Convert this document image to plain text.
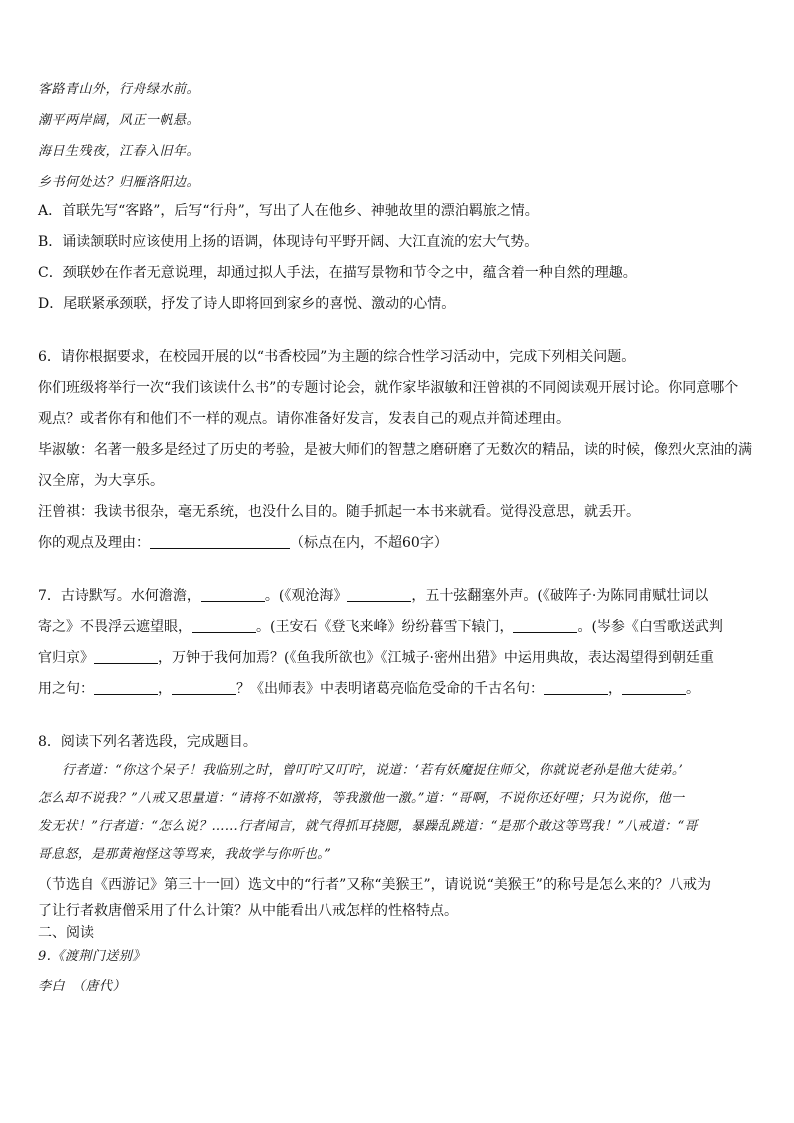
客路青山外，行舟绿水前。
潮平两岸阔，风正一帆悬。
海日生残夜，江春入旧年。
乡书何处达？归雁洛阳边。
A．首联先写“客路”，后写“行舟”，写出了人在他乡、神驰故里的漂泊羁旅之情。
B．诵读颔联时应该使用上扬的语调，体现诗句平野开阔、大江直流的宏大气势。
C．颈联妙在作者无意说理，却通过拟人手法，在描写景物和节令之中，蕴含着一种自然的理趣。
D．尾联紧承颈联，抒发了诗人即将回到家乡的喜悦、激动的心情。
6．请你根据要求，在校园开展的以“书香校园”为主题的综合性学习活动中，完成下列相关问题。
你们班级将举行一次“我们该读什么书”的专题讨论会，就作家毕淑敏和汪曾祺的不同阅读观开展讨论。你同意哪个
观点？或者你有和他们不一样的观点。请你准备好发言，发表自己的观点并简述理由。
毕淑敏：名著一般多是经过了历史的考验，是被大师们的智慧之磨研磨了无数次的精品，读的时候，像烈火烹油的满
汉全席，为大享乐。
汪曾祺：我读书很杂，毫无系统，也没什么目的。随手抓起一本书来就看。觉得没意思，就丢开。
你的观点及理由：	（标点在内，不超60字）
7．古诗默写。水何澹澹，	。(《观沧海》	，五十弦翻塞外声。(《破阵子·为陈同甫赋壮词以
寄之》不畏浮云遮望眼，	。(王安石《登飞来峰》纷纷暮雪下辕门，	。(岑参《白雪歌送武判
官归京》	，万钟于我何加焉？(《鱼我所欲也》《江城子·密州出猎》中运用典故，表达渴望得到朝廷重
用之句：	，	？《出师表》中表明诸葛亮临危受命的千古名句：	，	。
8．阅读下列名著选段，完成题目。
行者道：“你这个呆子！我临别之时，曾叮咛又叮咛，说道：‘若有妖魔捉住师父，你就说老孙是他大徒弟。’
怎么却不说我？”八戒又思量道：“请将不如激将，等我激他一激。”道：“哥啊，不说你还好哩；只为说你，他一
发无状！”行者道：“怎么说？……行者闻言，就气得抓耳挠腮，暴躁乱跳道：“是那个敢这等骂我！”八戒道：“哥
哥息怒，是那黄袍怪这等骂来，我故学与你听也。”
（节选自《西游记》第三十一回）选文中的“行者”又称“美猴王”，请说说“美猴王”的称号是怎么来的？八戒为
了让行者救唐僧采用了什么计策？从中能看出八戒怎样的性格特点。
二、阅读
9.《渡荆门送别》
李白　（唐代）
